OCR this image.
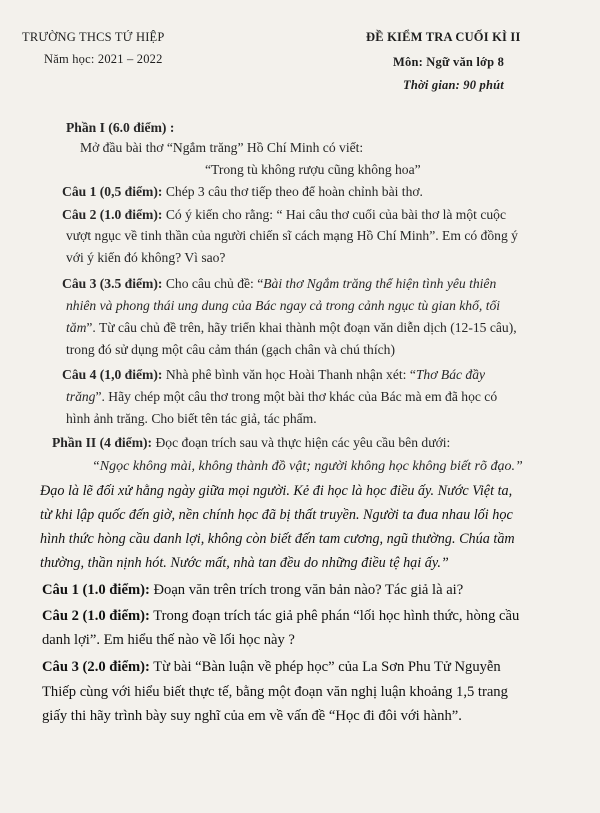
TRƯỜNG THCS TỨ HIỆP
Năm học: 2021 – 2022
ĐỀ KIỂM TRA CUỐI KÌ II
Môn: Ngữ văn lớp 8
Thời gian: 90 phút
Phần I (6.0 điểm) :
Mở đầu bài thơ “Ngắm trăng” Hồ Chí Minh có viết:
“Trong tù không rượu cũng không hoa”
Câu 1 (0,5 điểm): Chép 3 câu thơ tiếp theo để hoàn chỉnh bài thơ.
Câu 2 (1.0 điểm): Có ý kiến cho rằng: “ Hai câu thơ cuối của bài thơ là một cuộc
vượt ngục về tinh thần của người chiến sĩ cách mạng Hồ Chí Minh”. Em có đồng ý
với ý kiến đó không? Vì sao?
Câu 3 (3.5 điểm): Cho câu chủ đề: “Bài thơ Ngắm trăng thể hiện tình yêu thiên
nhiên và phong thái ung dung của Bác ngay cả trong cảnh ngục tù gian khổ, tối
tăm”. Từ câu chủ đề trên, hãy triển khai thành một đoạn văn diễn dịch (12-15 câu),
trong đó sử dụng một câu cảm thán (gạch chân và chú thích)
Câu 4 (1,0 điểm): Nhà phê bình văn học Hoài Thanh nhận xét: “Thơ Bác đầy
trăng”. Hãy chép một câu thơ trong một bài thơ khác của Bác mà em đã học có
hình ảnh trăng. Cho biết tên tác giả, tác phẩm.
Phần II (4 điểm): Đọc đoạn trích sau và thực hiện các yêu cầu bên dưới:
“Ngọc không mài, không thành đồ vật; người không học không biết rõ đạo.”
Đạo là lẽ đối xử hằng ngày giữa mọi người. Kẻ đi học là học điều ấy. Nước Việt ta,
từ khi lập quốc đến giờ, nền chính học đã bị thất truyền. Người ta đua nhau lối học
hình thức hòng cầu danh lợi, không còn biết đến tam cương, ngũ thường. Chúa tầm
thường, thần nịnh hót. Nước mất, nhà tan đều do những điều tệ hại ấy.”
Câu 1 (1.0 điểm): Đoạn văn trên trích trong văn bản nào? Tác giả là ai?
Câu 2 (1.0 điểm): Trong đoạn trích tác giả phê phán “lối học hình thức, hòng cầu
danh lợi”. Em hiểu thế nào về lối học này ?
Câu 3 (2.0 điểm): Từ bài “Bàn luận về phép học” của La Sơn Phu Tử Nguyễn
Thiếp cùng với hiểu biết thực tế, bằng một đoạn văn nghị luận khoảng 1,5 trang
giấy thi hãy trình bày suy nghĩ của em về vấn đề “Học đi đôi với hành”.
